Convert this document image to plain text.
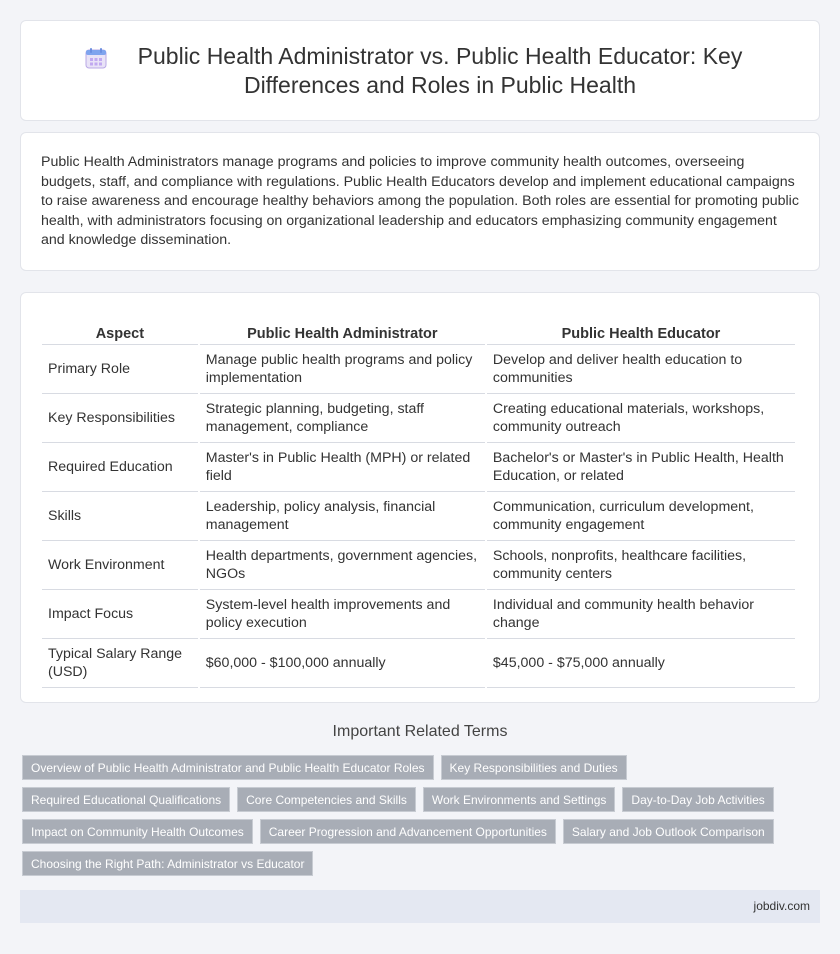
Public Health Administrator vs. Public Health Educator: Key Differences and Roles in Public Health

Public Health Administrators manage programs and policies to improve community health outcomes, overseeing budgets, staff, and compliance with regulations. Public Health Educators develop and implement educational campaigns to raise awareness and encourage healthy behaviors among the population. Both roles are essential for promoting public health, with administrators focusing on organizational leadership and educators emphasizing community engagement and knowledge dissemination.

Aspect	Public Health Administrator	Public Health Educator
Primary Role	Manage public health programs and policy implementation	Develop and deliver health education to communities
Key Responsibilities	Strategic planning, budgeting, staff management, compliance	Creating educational materials, workshops, community outreach
Required Education	Master's in Public Health (MPH) or related field	Bachelor's or Master's in Public Health, Health Education, or related
Skills	Leadership, policy analysis, financial management	Communication, curriculum development, community engagement
Work Environment	Health departments, government agencies, NGOs	Schools, nonprofits, healthcare facilities, community centers
Impact Focus	System-level health improvements and policy execution	Individual and community health behavior change
Typical Salary Range (USD)	$60,000 - $100,000 annually	$45,000 - $75,000 annually
Important Related Terms
Overview of Public Health Administrator and Public Health Educator Roles	Key Responsibilities and Duties
Required Educational Qualifications	Core Competencies and Skills	Work Environments and Settings	Day-to-Day Job Activities
Impact on Community Health Outcomes	Career Progression and Advancement Opportunities	Salary and Job Outlook Comparison
Choosing the Right Path: Administrator vs Educator
jobdiv.com
